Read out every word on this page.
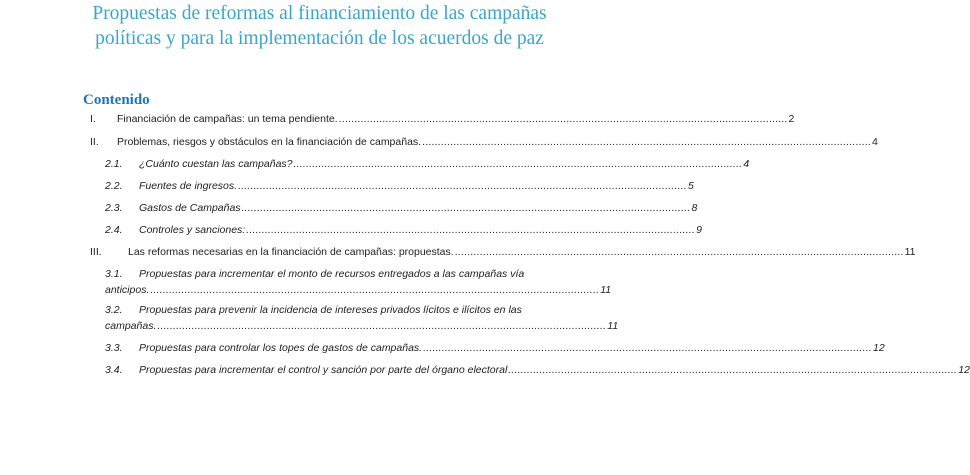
Propuestas de reformas al financiamiento de las campañas
políticas y para la implementación de los acuerdos de paz
Contenido
I. Financiación de campañas: un tema pendiente. ................................................................................................................................................ 2
II. Problemas, riesgos y obstáculos en la financiación de campañas. ................................................................................................................................................ 4
2.1. ¿Cuánto cuestan las campañas? ................................................................................................................................................ 4
2.2. Fuentes de ingresos. ................................................................................................................................................ 5
2.3. Gastos de Campañas ................................................................................................................................................ 8
2.4. Controles y sanciones: ................................................................................................................................................ 9
III.	Las reformas necesarias en la financiación de campañas: propuestas. ................................................................................................................................................ 11
3.1. Propuestas para incrementar el monto de recursos entregados a las campañas vía
anticipos. ................................................................................................................................................ 11
3.2. Propuestas para prevenir la incidencia de intereses privados lícitos e ilícitos en las
campañas. ................................................................................................................................................ 11
3.3. Propuestas para controlar los topes de gastos de campañas. ................................................................................................................................................ 12
3.4. Propuestas para incrementar el control y sanción por parte del órgano electoral ................................................................................................................................................ 12
